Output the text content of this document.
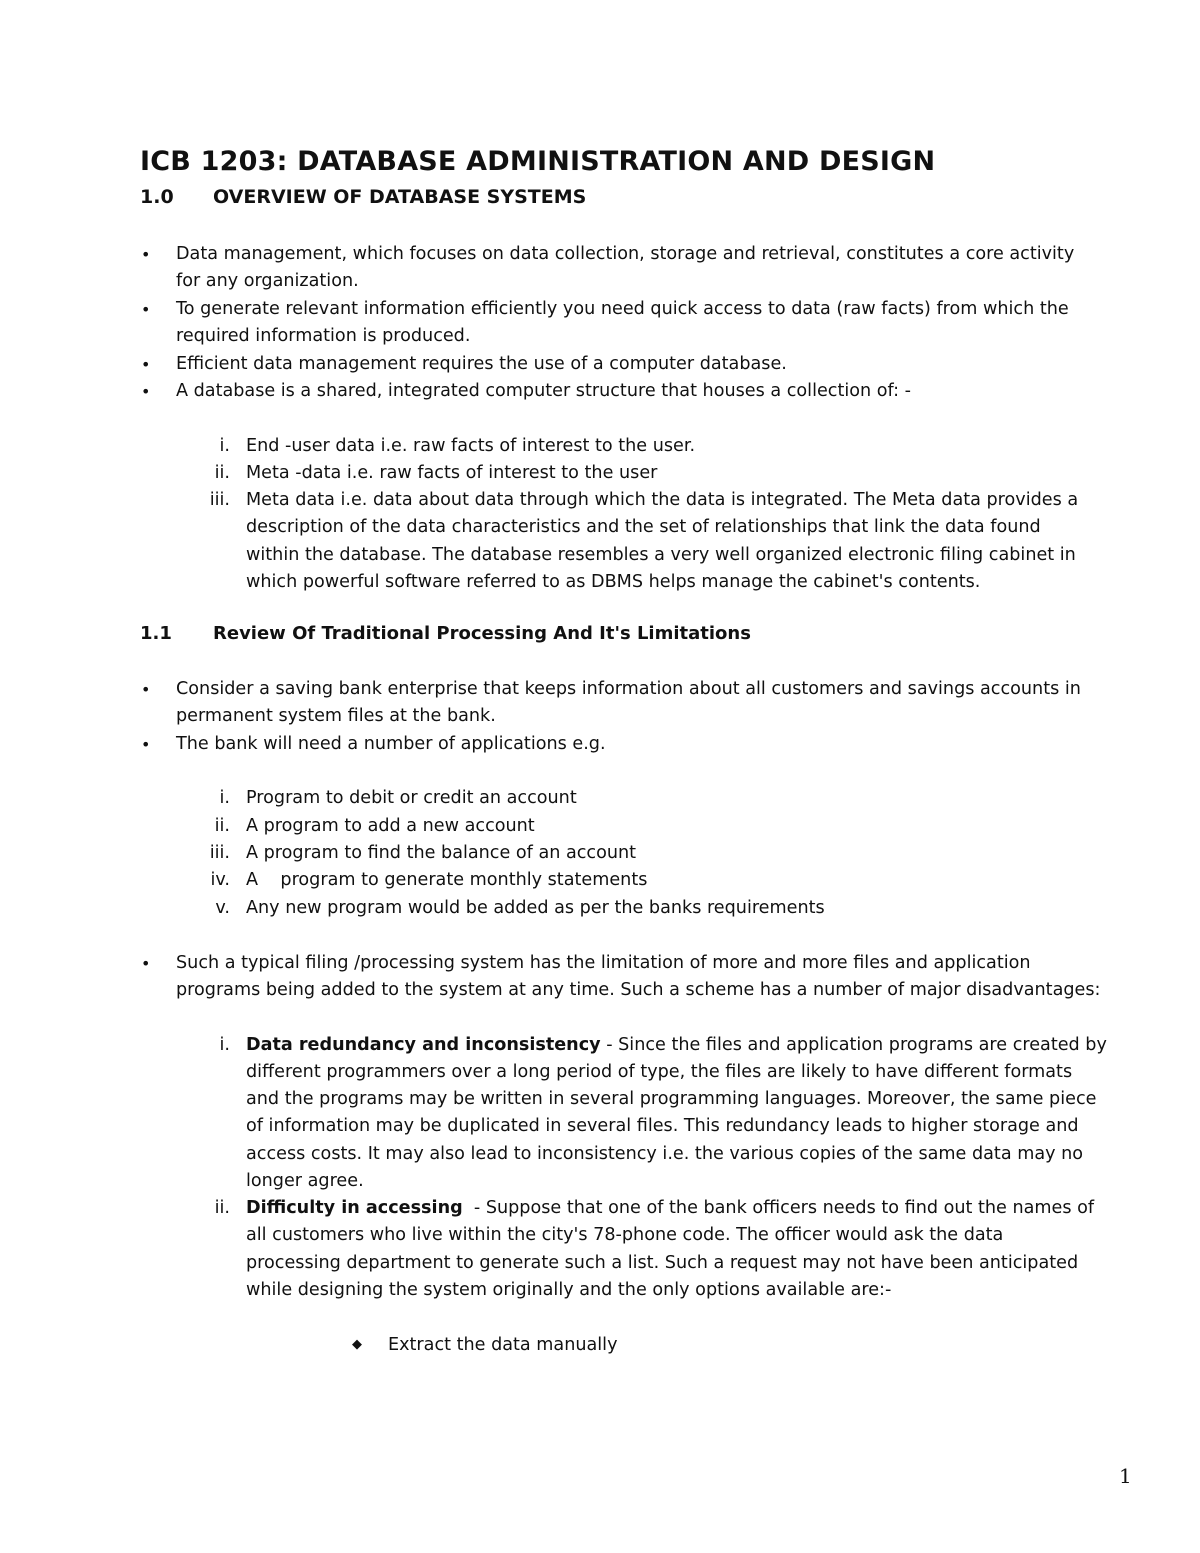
ICB 1203: DATABASE ADMINISTRATION AND DESIGN
1.0 OVERVIEW OF DATABASE SYSTEMS
• Data management, which focuses on data collection, storage and retrieval, constitutes a core activity
for any organization.
• To generate relevant information efficiently you need quick access to data (raw facts) from which the
required information is produced.
• Efficient data management requires the use of a computer database.
• A database is a shared, integrated computer structure that houses a collection of: -
i. End -user data i.e. raw facts of interest to the user.
ii. Meta -data i.e. raw facts of interest to the user
iii. Meta data i.e. data about data through which the data is integrated. The Meta data provides a
description of the data characteristics and the set of relationships that link the data found
within the database. The database resembles a very well organized electronic filing cabinet in
which powerful software referred to as DBMS helps manage the cabinet's contents.
1.1 Review Of Traditional Processing And It's Limitations
• Consider a saving bank enterprise that keeps information about all customers and savings accounts in
permanent system files at the bank.
• The bank will need a number of applications e.g.
i. Program to debit or credit an account
ii. A program to add a new account
iii. A program to find the balance of an account
iv. A    program to generate monthly statements
v. Any new program would be added as per the banks requirements
• Such a typical filing /processing system has the limitation of more and more files and application
programs being added to the system at any time. Such a scheme has a number of major disadvantages:
i. Data redundancy and inconsistency - Since the files and application programs are created by
different programmers over a long period of type, the files are likely to have different formats
and the programs may be written in several programming languages. Moreover, the same piece
of information may be duplicated in several files. This redundancy leads to higher storage and
access costs. It may also lead to inconsistency i.e. the various copies of the same data may no
longer agree.
ii. Difficulty in accessing  - Suppose that one of the bank officers needs to find out the names of
all customers who live within the city's 78-phone code. The officer would ask the data
processing department to generate such a list. Such a request may not have been anticipated
while designing the system originally and the only options available are:-
◆ Extract the data manually
1
